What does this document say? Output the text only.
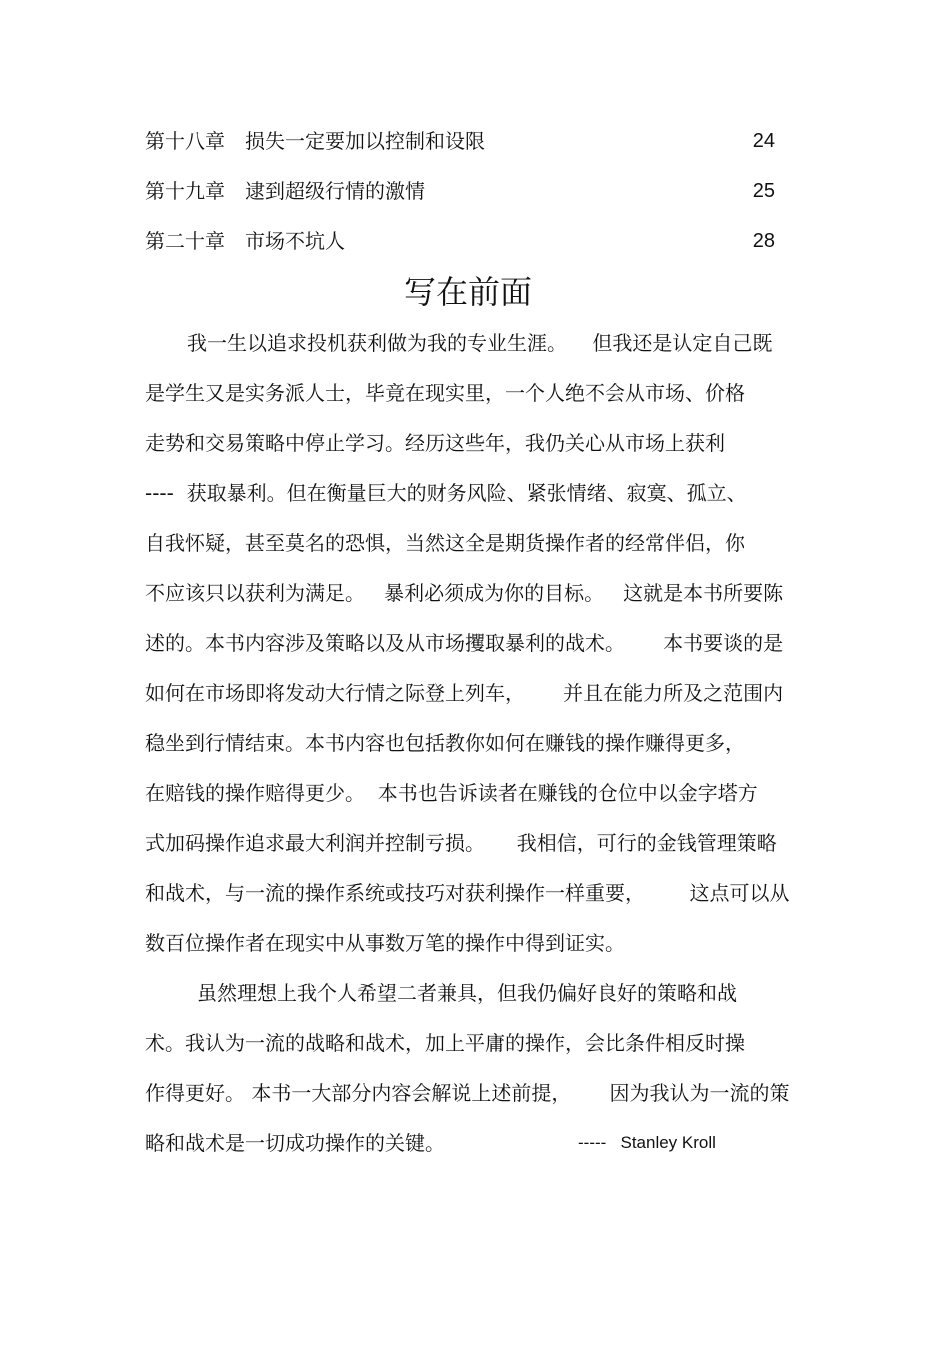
第十八章 损失一定要加以控制和设限	24
第十九章 逮到超级行情的激情	25
第二十章 市场不坑人	28
写在前面
我一生以追求投机获利做为我的专业生涯。    但我还是认定自己既
是学生又是实务派人士，毕竟在现实里，一个人绝不会从市场、价格
走势和交易策略中停止学习。经历这些年，我仍关心从市场上获利
----  获取暴利。但在衡量巨大的财务风险、紧张情绪、寂寞、孤立、
自我怀疑，甚至莫名的恐惧，当然这全是期货操作者的经常伴侣，你
不应该只以获利为满足。   暴利必须成为你的目标。   这就是本书所要陈
述的。本书内容涉及策略以及从市场攫取暴利的战术。      本书要谈的是
如何在市场即将发动大行情之际登上列车，      并且在能力所及之范围内
稳坐到行情结束。本书内容也包括教你如何在赚钱的操作赚得更多，
在赔钱的操作赔得更少。  本书也告诉读者在赚钱的仓位中以金字塔方
式加码操作追求最大利润并控制亏损。     我相信，可行的金钱管理策略
和战术，与一流的操作系统或技巧对获利操作一样重要，       这点可以从
数百位操作者在现实中从事数万笔的操作中得到证实。
虽然理想上我个人希望二者兼具，但我仍偏好良好的策略和战
术。我认为一流的战略和战术，加上平庸的操作，会比条件相反时操
作得更好。 本书一大部分内容会解说上述前提，      因为我认为一流的策
略和战术是一切成功操作的关键。	-----   Stanley Kroll
